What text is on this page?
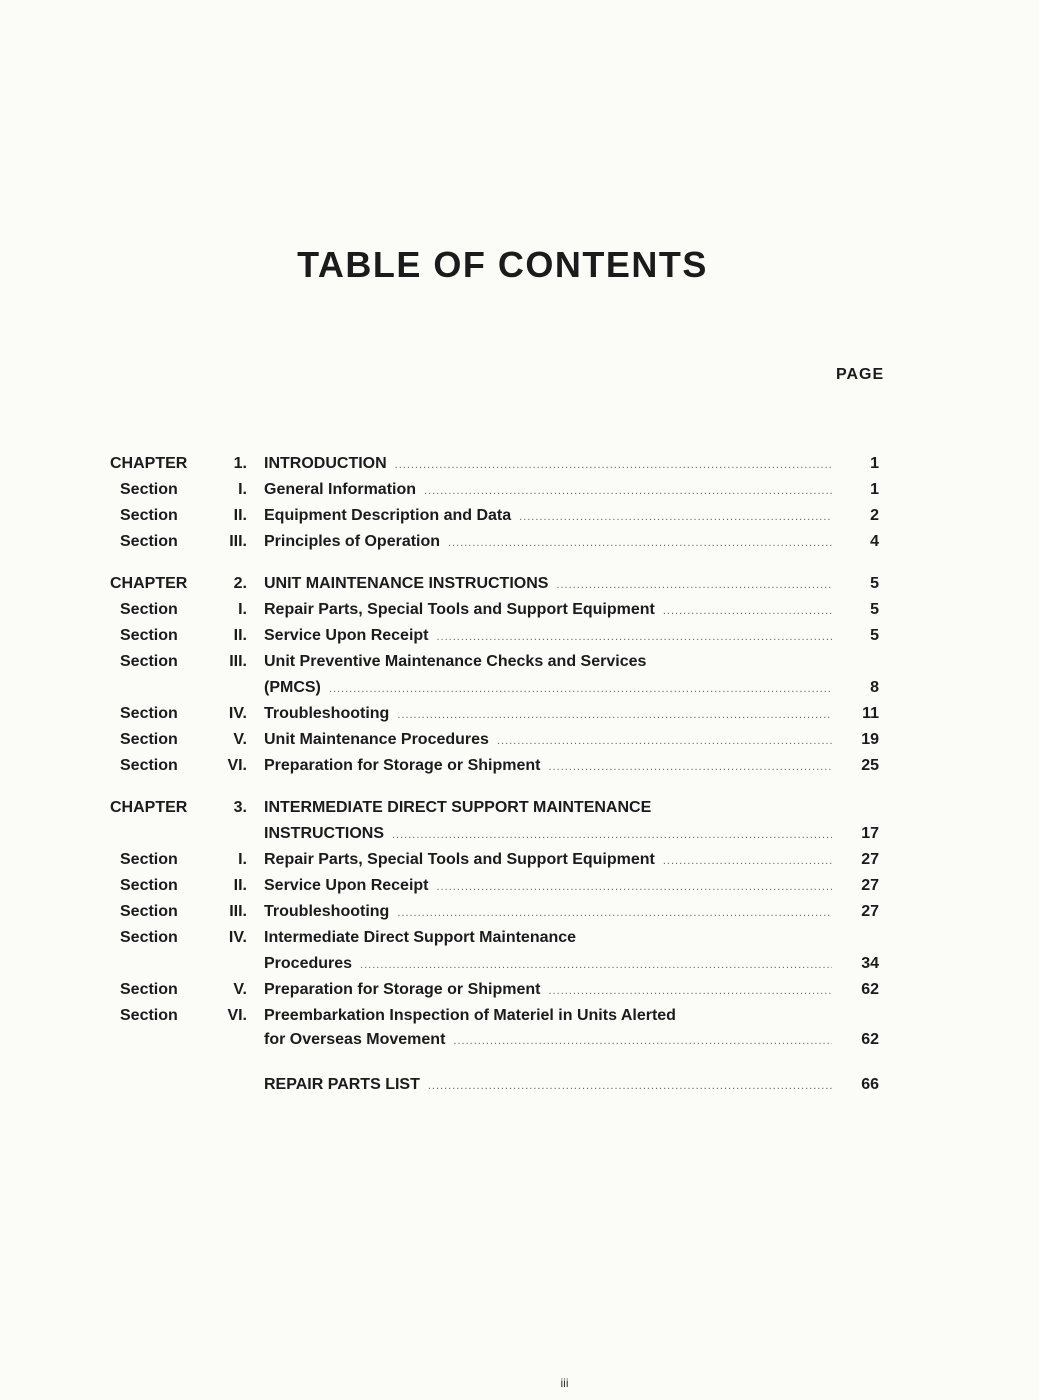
TABLE OF CONTENTS
PAGE
CHAPTER	1. INTRODUCTION .....	1
Section	I. General Information .....	1
Section	II. Equipment Description and Data .....	2
Section	III. Principles of Operation .....	4
CHAPTER	2. UNIT MAINTENANCE INSTRUCTIONS .....	5
Section	I. Repair Parts, Special Tools and Support Equipment .....	5
Section	II. Service Upon Receipt .....	5
Section	III. Unit Preventive Maintenance Checks and Services
(PMCS) .....	8
Section	IV. Troubleshooting .....	11
Section	V. Unit Maintenance Procedures .....	19
Section	VI. Preparation for Storage or Shipment .....	25
CHAPTER	3. INTERMEDIATE DIRECT SUPPORT MAINTENANCE
INSTRUCTIONS .....	17
Section	I. Repair Parts, Special Tools and Support Equipment .....	27
Section	II. Service Upon Receipt .....	27
Section	III. Troubleshooting .....	27
Section	IV. Intermediate Direct Support Maintenance
Procedures .....	34
Section	V. Preparation for Storage or Shipment .....	62
Section	VI. Preembarkation Inspection of Materiel in Units Alerted
for Overseas Movement .....	62
REPAIR PARTS LIST .....	66
iii
